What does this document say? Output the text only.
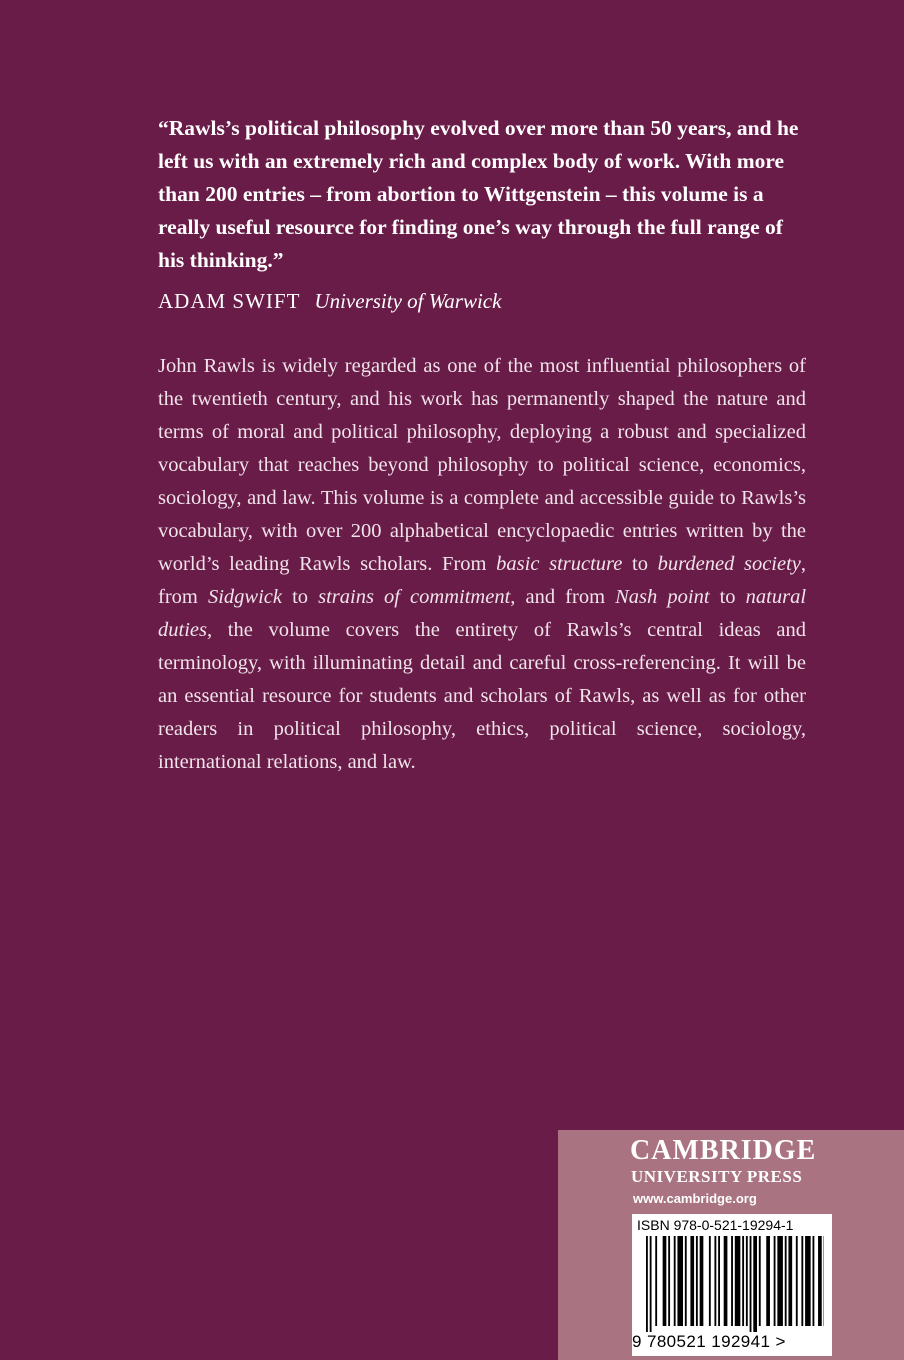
“Rawls’s political philosophy evolved over more than 50 years, and he left us with an extremely rich and complex body of work. With more than 200 entries – from abortion to Wittgenstein – this volume is a really useful resource for finding one’s way through the full range of his thinking.”

ADAM SWIFT University of Warwick

John Rawls is widely regarded as one of the most influential philosophers of the twentieth century, and his work has permanently shaped the nature and terms of moral and political philosophy, deploying a robust and specialized vocabulary that reaches beyond philosophy to political science, economics, sociology, and law. This volume is a complete and accessible guide to Rawls’s vocabulary, with over 200 alphabetical encyclopaedic entries written by the world’s leading Rawls scholars. From basic structure to burdened society, from Sidgwick to strains of commitment, and from Nash point to natural duties, the volume covers the entirety of Rawls’s central ideas and terminology, with illuminating detail and careful cross-referencing. It will be an essential resource for students and scholars of Rawls, as well as for other readers in political philosophy, ethics, political science, sociology, international relations, and law.

CAMBRIDGE
UNIVERSITY PRESS
www.cambridge.org
ISBN 978-0-521-19294-1
9 780521 192941 >
